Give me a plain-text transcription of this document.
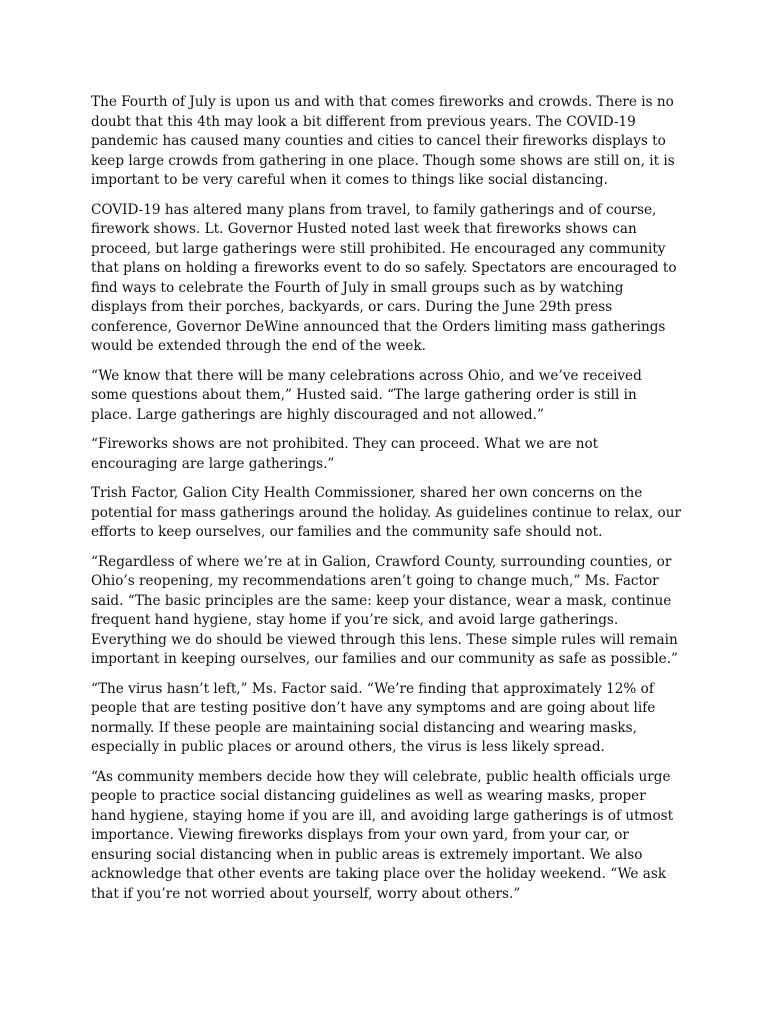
The Fourth of July is upon us and with that comes fireworks and crowds. There is no doubt that this 4th may look a bit different from previous years. The COVID-19 pandemic has caused many counties and cities to cancel their fireworks displays to keep large crowds from gathering in one place. Though some shows are still on, it is important to be very careful when it comes to things like social distancing.

COVID-19 has altered many plans from travel, to family gatherings and of course, firework shows. Lt. Governor Husted noted last week that fireworks shows can proceed, but large gatherings were still prohibited. He encouraged any community that plans on holding a fireworks event to do so safely. Spectators are encouraged to find ways to celebrate the Fourth of July in small groups such as by watching displays from their porches, backyards, or cars. During the June 29th press conference, Governor DeWine announced that the Orders limiting mass gatherings would be extended through the end of the week.

“We know that there will be many celebrations across Ohio, and we’ve received some questions about them,” Husted said. “The large gathering order is still in place. Large gatherings are highly discouraged and not allowed.”

“Fireworks shows are not prohibited. They can proceed. What we are not encouraging are large gatherings.”

Trish Factor, Galion City Health Commissioner, shared her own concerns on the potential for mass gatherings around the holiday. As guidelines continue to relax, our efforts to keep ourselves, our families and the community safe should not.

“Regardless of where we’re at in Galion, Crawford County, surrounding counties, or Ohio’s reopening, my recommendations aren’t going to change much,” Ms. Factor said. “The basic principles are the same: keep your distance, wear a mask, continue frequent hand hygiene, stay home if you’re sick, and avoid large gatherings. Everything we do should be viewed through this lens. These simple rules will remain important in keeping ourselves, our families and our community as safe as possible.”

“The virus hasn’t left,” Ms. Factor said. “We’re finding that approximately 12% of people that are testing positive don’t have any symptoms and are going about life normally. If these people are maintaining social distancing and wearing masks, especially in public places or around others, the virus is less likely spread.

“As community members decide how they will celebrate, public health officials urge people to practice social distancing guidelines as well as wearing masks, proper hand hygiene, staying home if you are ill, and avoiding large gatherings is of utmost importance. Viewing fireworks displays from your own yard, from your car, or ensuring social distancing when in public areas is extremely important. We also acknowledge that other events are taking place over the holiday weekend. “We ask that if you’re not worried about yourself, worry about others.”
